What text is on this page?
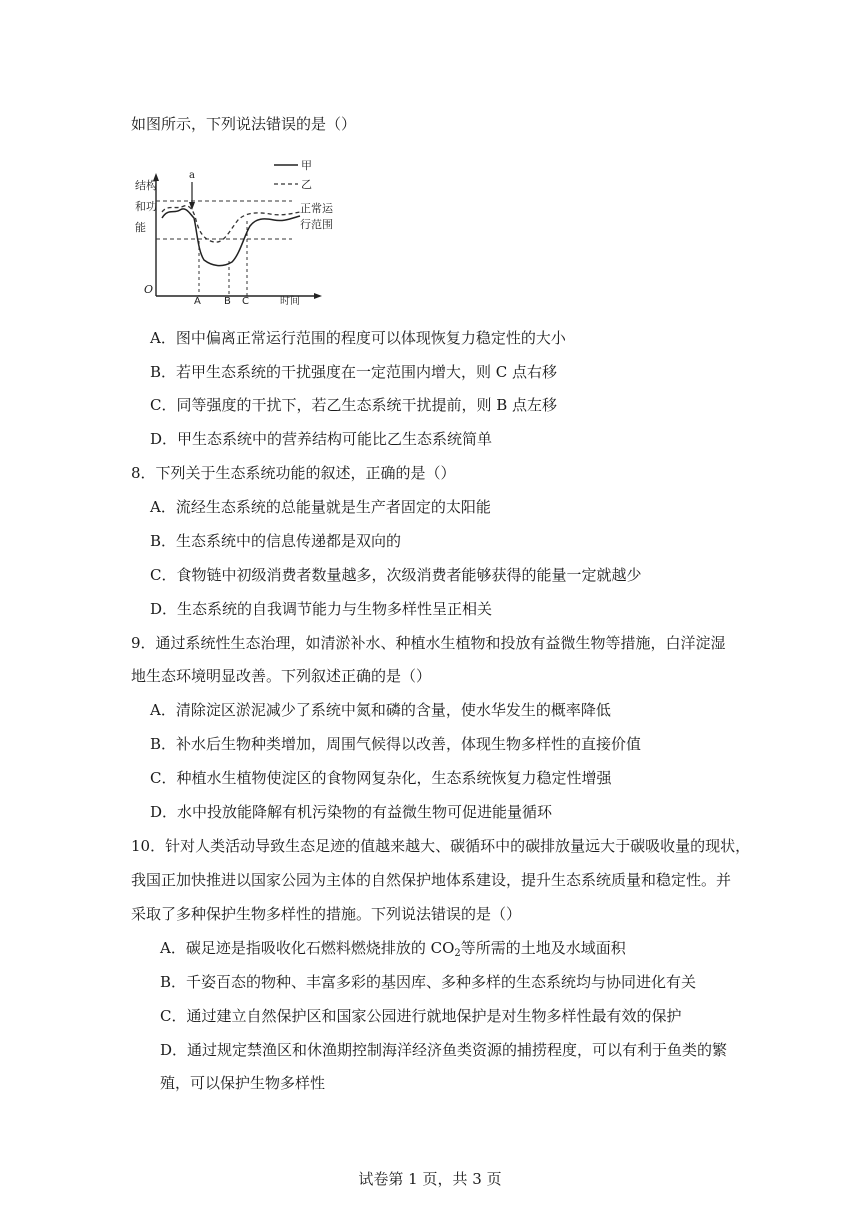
如图所示，下列说法错误的是（）
a
甲
乙
正常运
行范围
结构
和功
能
O
A B C	时间
A．图中偏离正常运行范围的程度可以体现恢复力稳定性的大小
B．若甲生态系统的干扰强度在一定范围内增大，则 C 点右移
C．同等强度的干扰下，若乙生态系统干扰提前，则 B 点左移
D．甲生态系统中的营养结构可能比乙生态系统简单
8．下列关于生态系统功能的叙述，正确的是（）
A．流经生态系统的总能量就是生产者固定的太阳能
B．生态系统中的信息传递都是双向的
C．食物链中初级消费者数量越多，次级消费者能够获得的能量一定就越少
D．生态系统的自我调节能力与生物多样性呈正相关
9．通过系统性生态治理，如清淤补水、种植水生植物和投放有益微生物等措施，白洋淀湿
地生态环境明显改善。下列叙述正确的是（）
A．清除淀区淤泥减少了系统中氮和磷的含量，使水华发生的概率降低
B．补水后生物种类增加，周围气候得以改善，体现生物多样性的直接价值
C．种植水生植物使淀区的食物网复杂化，生态系统恢复力稳定性增强
D．水中投放能降解有机污染物的有益微生物可促进能量循环
10．针对人类活动导致生态足迹的值越来越大、碳循环中的碳排放量远大于碳吸收量的现状，
我国正加快推进以国家公园为主体的自然保护地体系建设，提升生态系统质量和稳定性。并
采取了多种保护生物多样性的措施。下列说法错误的是（）
A．碳足迹是指吸收化石燃料燃烧排放的 $CO_2$等所需的土地及水域面积
B．千姿百态的物种、丰富多彩的基因库、多种多样的生态系统均与协同进化有关
C．通过建立自然保护区和国家公园进行就地保护是对生物多样性最有效的保护
D．通过规定禁渔区和休渔期控制海洋经济鱼类资源的捕捞程度，可以有利于鱼类的繁
殖，可以保护生物多样性
试卷第 1 页，共 3 页
